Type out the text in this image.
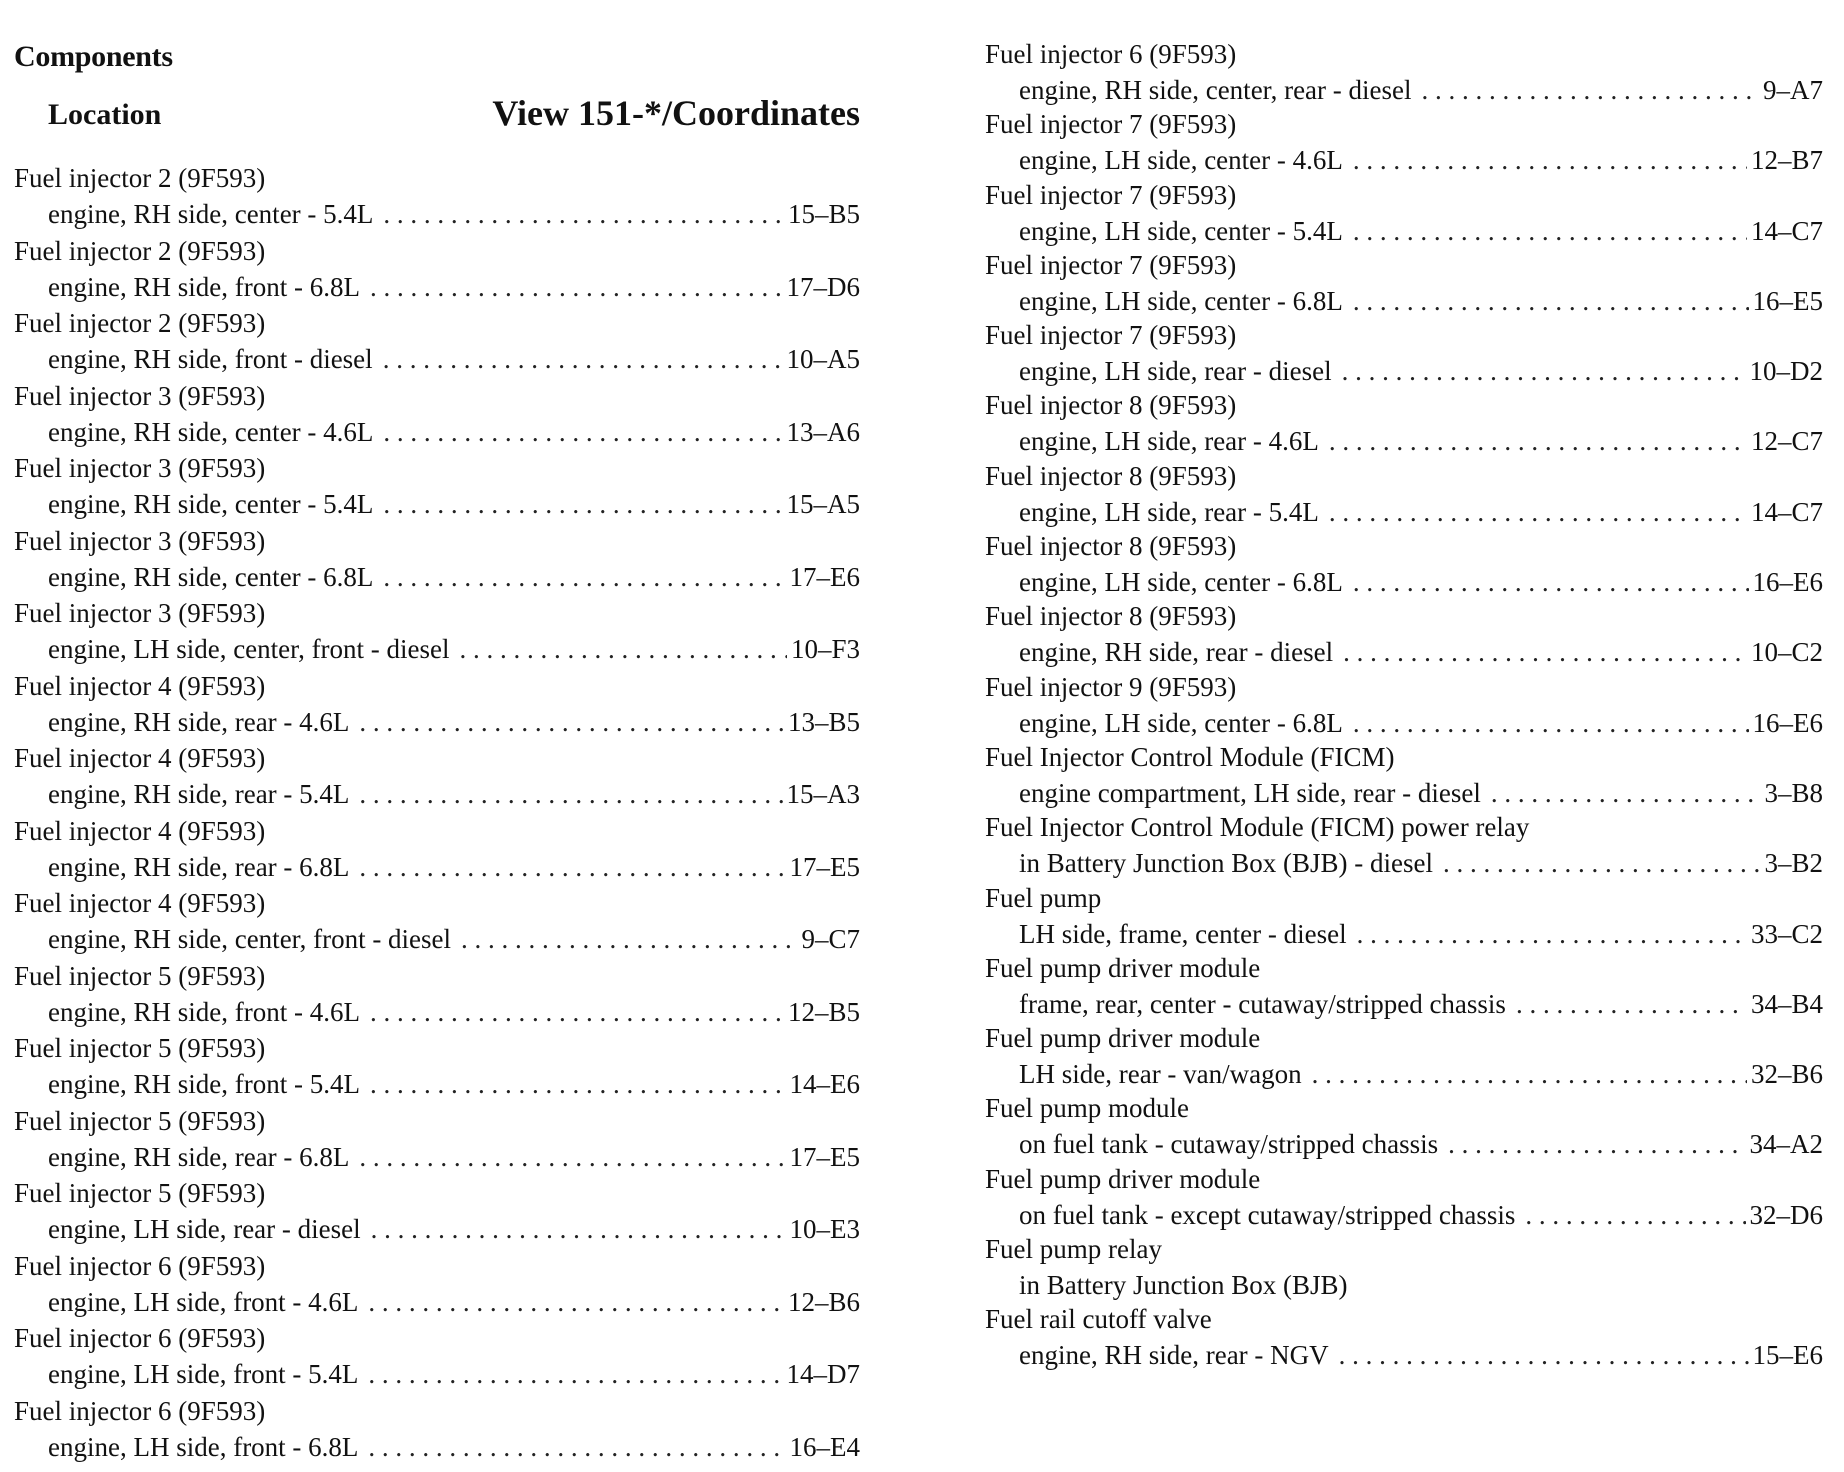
Components
Location	View 151-*/Coordinates
Fuel injector 2 (9F593)
engine, RH side, center - 5.4L . . .	15–B5
Fuel injector 2 (9F593)
engine, RH side, front - 6.8L . . .	17–D6
Fuel injector 2 (9F593)
engine, RH side, front - diesel . . .	10–A5
Fuel injector 3 (9F593)
engine, RH side, center - 4.6L . . .	13–A6
Fuel injector 3 (9F593)
engine, RH side, center - 5.4L . . .	15–A5
Fuel injector 3 (9F593)
engine, RH side, center - 6.8L . . .	17–E6
Fuel injector 3 (9F593)
engine, LH side, center, front - diesel . . .	10–F3
Fuel injector 4 (9F593)
engine, RH side, rear - 4.6L . . .	13–B5
Fuel injector 4 (9F593)
engine, RH side, rear - 5.4L . . .	15–A3
Fuel injector 4 (9F593)
engine, RH side, rear - 6.8L . . .	17–E5
Fuel injector 4 (9F593)
engine, RH side, center, front - diesel . . .	9–C7
Fuel injector 5 (9F593)
engine, RH side, front - 4.6L . . .	12–B5
Fuel injector 5 (9F593)
engine, RH side, front - 5.4L . . .	14–E6
Fuel injector 5 (9F593)
engine, RH side, rear - 6.8L . . .	17–E5
Fuel injector 5 (9F593)
engine, LH side, rear - diesel . . .	10–E3
Fuel injector 6 (9F593)
engine, LH side, front - 4.6L . . .	12–B6
Fuel injector 6 (9F593)
engine, LH side, front - 5.4L . . .	14–D7
Fuel injector 6 (9F593)
engine, LH side, front - 6.8L . . .	16–E4
Fuel injector 6 (9F593)
engine, RH side, center, rear - diesel . . .	9–A7
Fuel injector 7 (9F593)
engine, LH side, center - 4.6L . . .	12–B7
Fuel injector 7 (9F593)
engine, LH side, center - 5.4L . . .	14–C7
Fuel injector 7 (9F593)
engine, LH side, center - 6.8L . . .	16–E5
Fuel injector 7 (9F593)
engine, LH side, rear - diesel . . .	10–D2
Fuel injector 8 (9F593)
engine, LH side, rear - 4.6L . . .	12–C7
Fuel injector 8 (9F593)
engine, LH side, rear - 5.4L . . .	14–C7
Fuel injector 8 (9F593)
engine, LH side, center - 6.8L . . .	16–E6
Fuel injector 8 (9F593)
engine, RH side, rear - diesel . . .	10–C2
Fuel injector 9 (9F593)
engine, LH side, center - 6.8L . . .	16–E6
Fuel Injector Control Module (FICM)
engine compartment, LH side, rear - diesel . . .	3–B8
Fuel Injector Control Module (FICM) power relay
in Battery Junction Box (BJB) - diesel . . .	3–B2
Fuel pump
LH side, frame, center - diesel . . .	33–C2
Fuel pump driver module
frame, rear, center - cutaway/stripped chassis . . .	34–B4
Fuel pump driver module
LH side, rear - van/wagon . . .	32–B6
Fuel pump module
on fuel tank - cutaway/stripped chassis . . .	34–A2
Fuel pump driver module
on fuel tank - except cutaway/stripped chassis . . .	32–D6
Fuel pump relay
in Battery Junction Box (BJB)
Fuel rail cutoff valve
engine, RH side, rear - NGV . . .	15–E6
